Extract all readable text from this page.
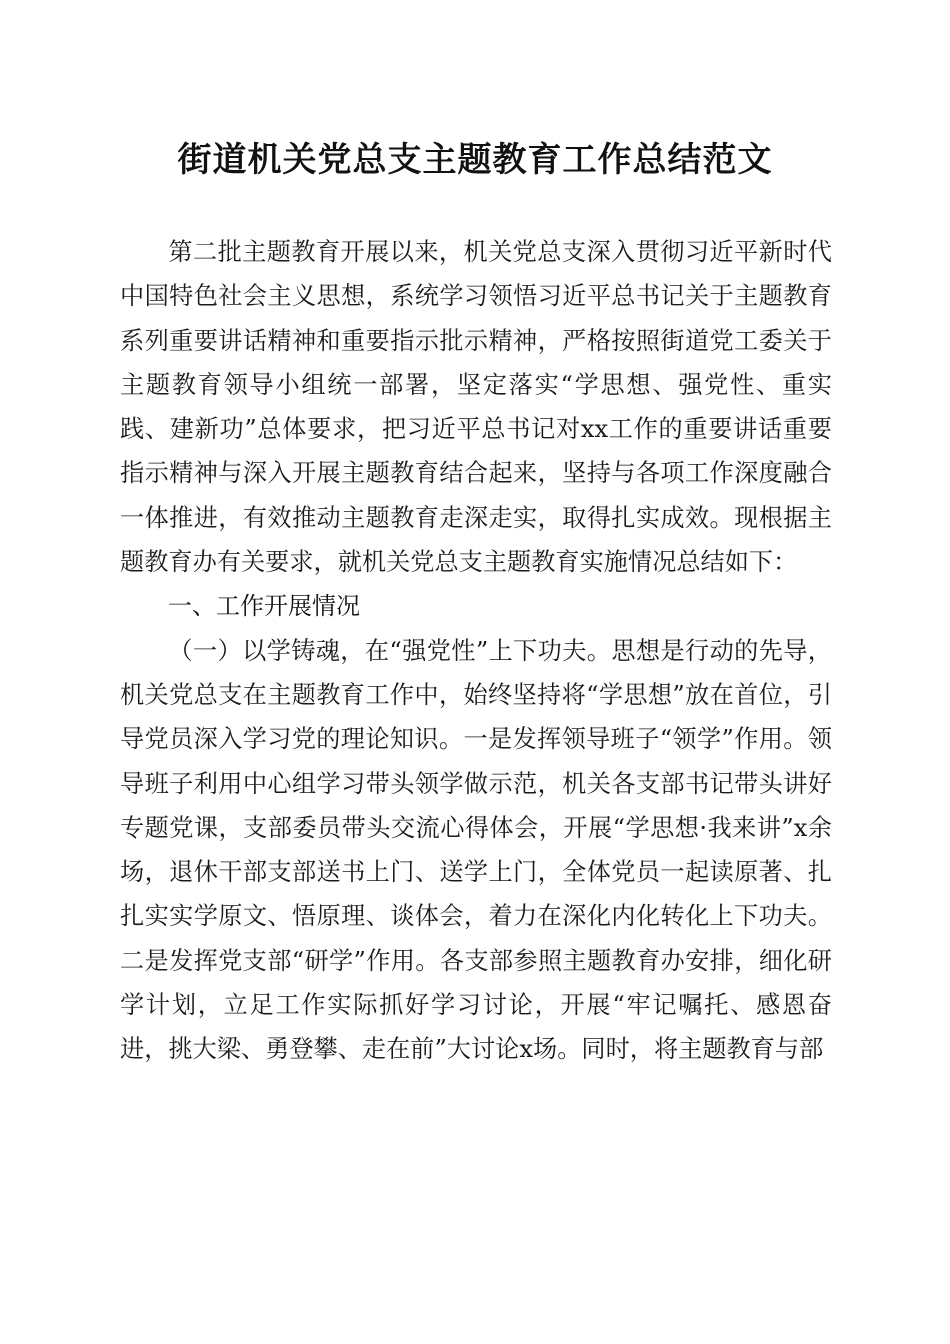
街道机关党总支主题教育工作总结范文

第二批主题教育开展以来，机关党总支深入贯彻习近平新时代中国特色社会主义思想，系统学习领悟习近平总书记关于主题教育系列重要讲话精神和重要指示批示精神，严格按照街道党工委关于主题教育领导小组统一部署，坚定落实“学思想、强党性、重实践、建新功”总体要求，把习近平总书记对xx工作的重要讲话重要指示精神与深入开展主题教育结合起来，坚持与各项工作深度融合一体推进，有效推动主题教育走深走实，取得扎实成效。现根据主题教育办有关要求，就机关党总支主题教育实施情况总结如下：

一、工作开展情况

（一）以学铸魂，在“强党性”上下功夫。思想是行动的先导，机关党总支在主题教育工作中，始终坚持将“学思想”放在首位，引导党员深入学习党的理论知识。一是发挥领导班子“领学”作用。领导班子利用中心组学习带头领学做示范，机关各支部书记带头讲好专题党课，支部委员带头交流心得体会，开展“学思想·我来讲”x余场，退休干部支部送书上门、送学上门，全体党员一起读原著、扎扎实实学原文、悟原理、谈体会，着力在深化内化转化上下功夫。二是发挥党支部“研学”作用。各支部参照主题教育办安排，细化研学计划，立足工作实际抓好学习讨论，开展“牢记嘱托、感恩奋进，挑大梁、勇登攀、走在前”大讨论x场。同时，将主题教育与部
